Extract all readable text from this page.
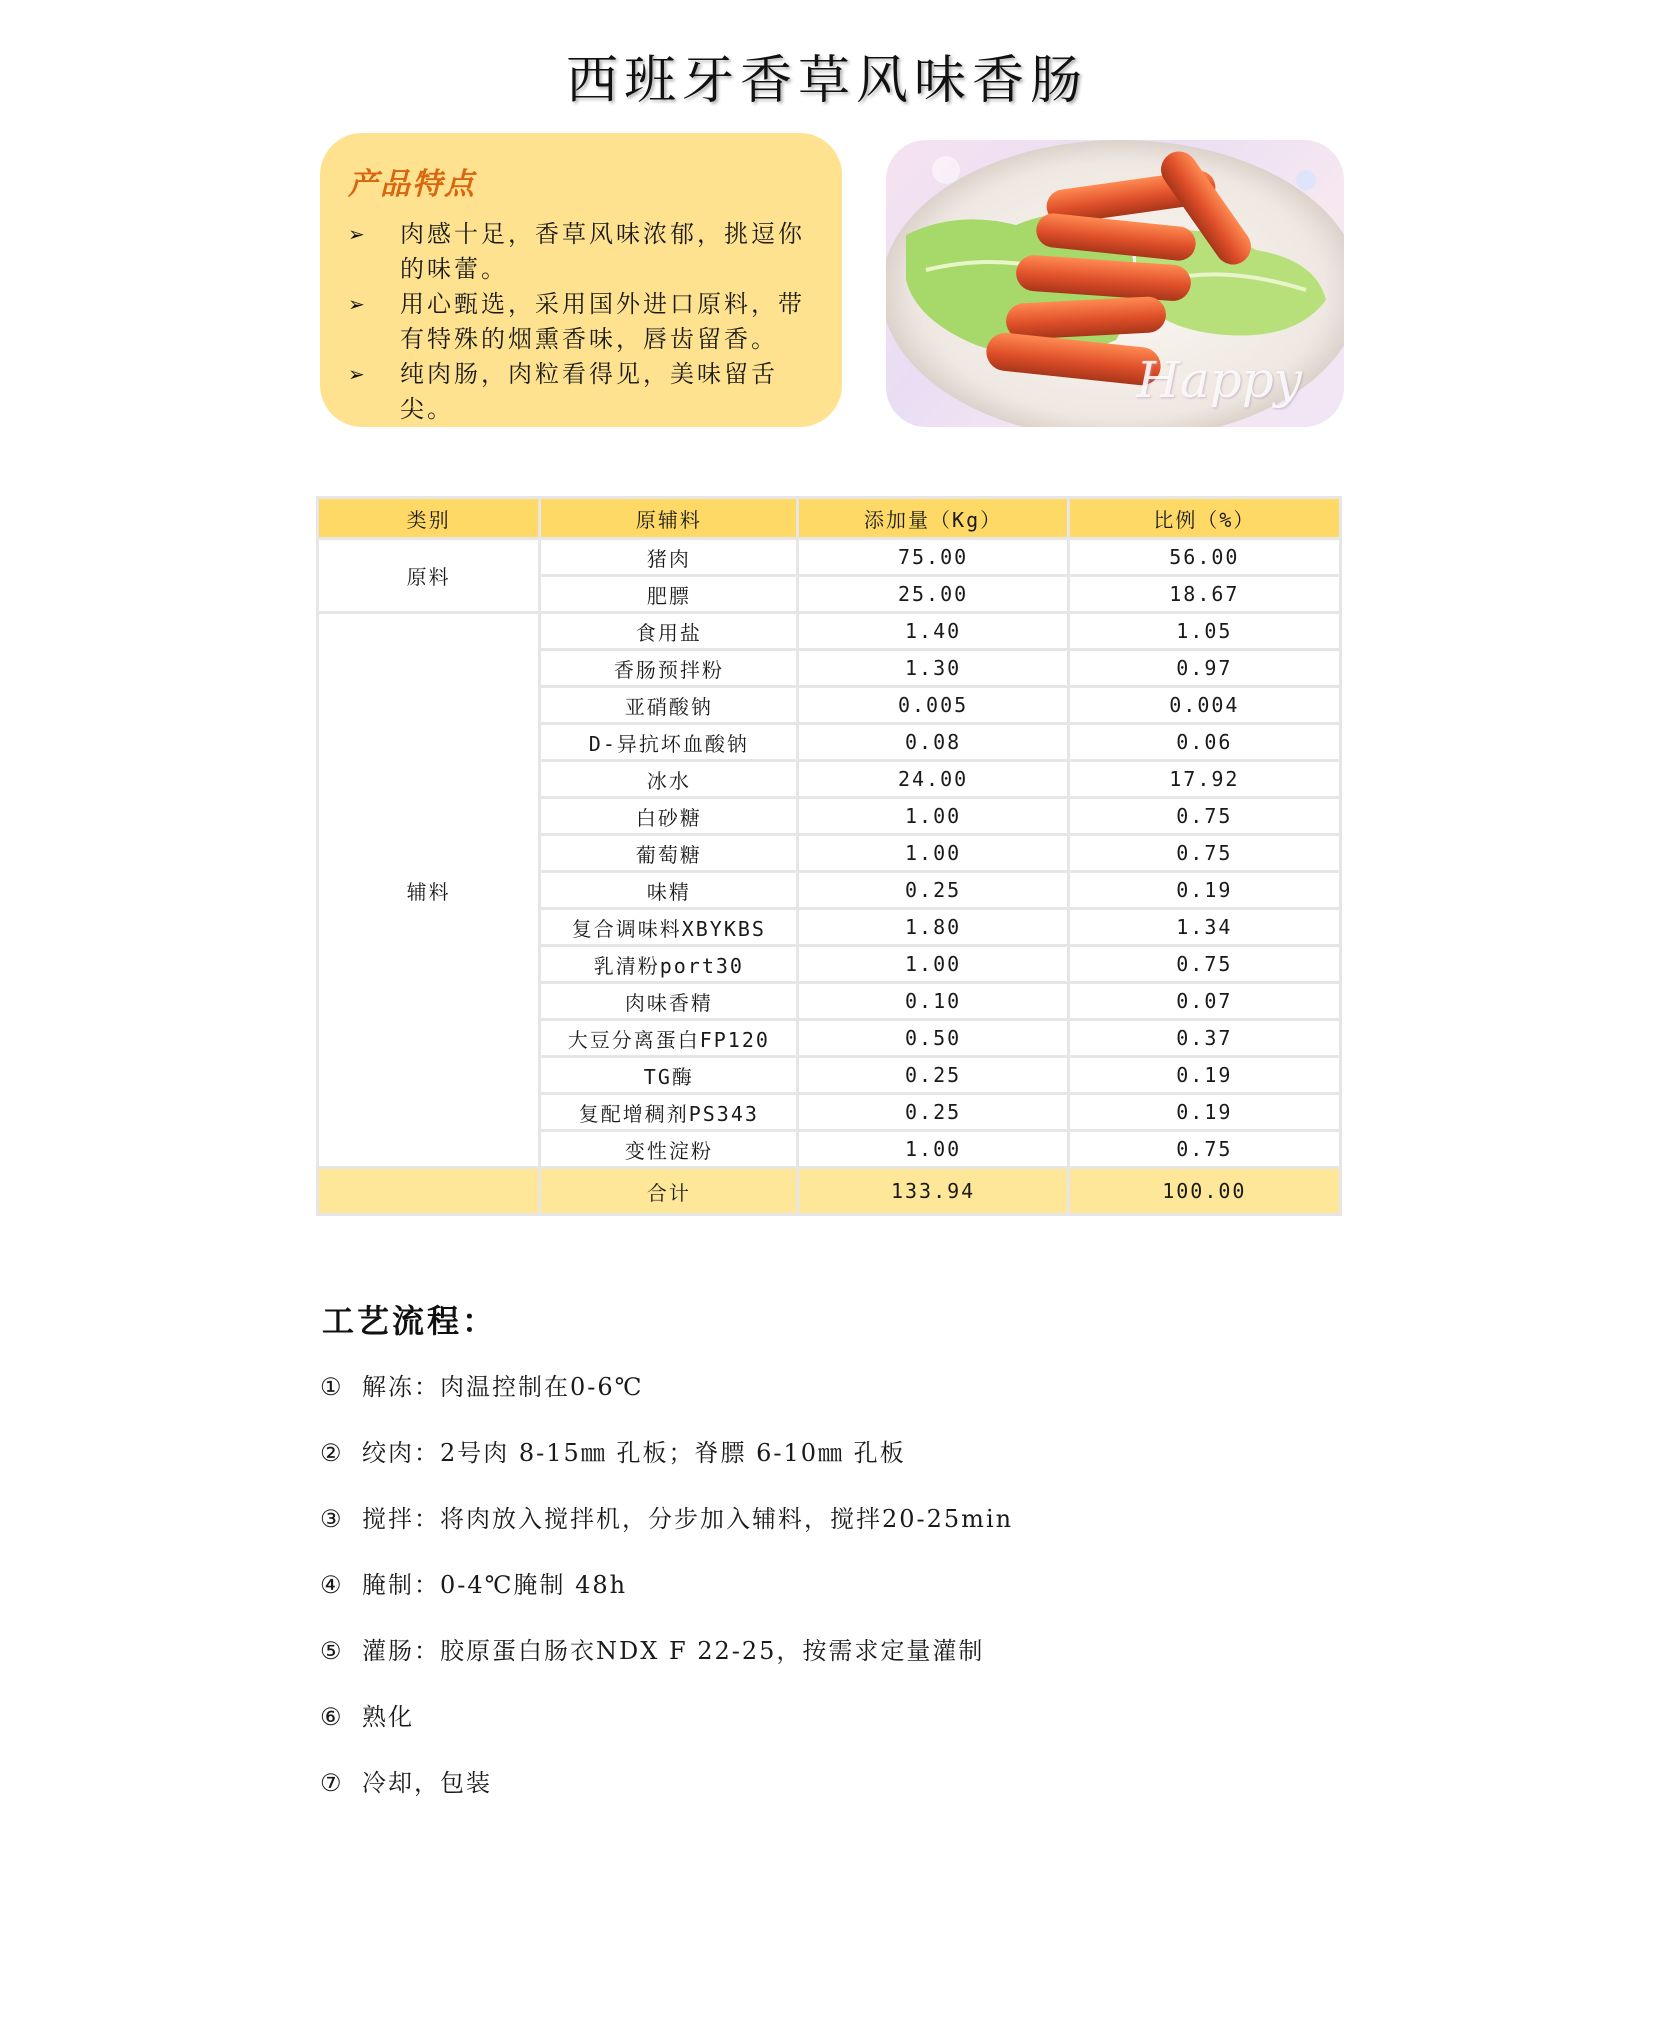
西班牙香草风味香肠
产品特点
➢ 肉感十足，香草风味浓郁，挑逗你的味蕾。
➢ 用心甄选，采用国外进口原料，带有特殊的烟熏香味，唇齿留香。
➢ 纯肉肠，肉粒看得见，美味留舌尖。	Happy
类别	原辅料	添加量（Kg）	比例（%）
原料	猪肉	75.00	56.00
	肥膘	25.00	18.67
辅料	食用盐	1.40	1.05
	香肠预拌粉	1.30	0.97
	亚硝酸钠	0.005	0.004
	D-异抗坏血酸钠	0.08	0.06
	冰水	24.00	17.92
	白砂糖	1.00	0.75
	葡萄糖	1.00	0.75
	味精	0.25	0.19
	复合调味料XBYKBS	1.80	1.34
	乳清粉port30	1.00	0.75
	肉味香精	0.10	0.07
	大豆分离蛋白FP120	0.50	0.37
	TG酶	0.25	0.19
	复配增稠剂PS343	0.25	0.19
	变性淀粉	1.00	0.75
	合计	133.94	100.00
工艺流程：
① 解冻：肉温控制在0-6℃
② 绞肉：2号肉 8-15㎜ 孔板；脊膘 6-10㎜ 孔板
③ 搅拌：将肉放入搅拌机，分步加入辅料，搅拌20-25min
④ 腌制：0-4℃腌制 48h
⑤ 灌肠：胶原蛋白肠衣NDX F 22-25，按需求定量灌制
⑥ 熟化
⑦ 冷却，包装
